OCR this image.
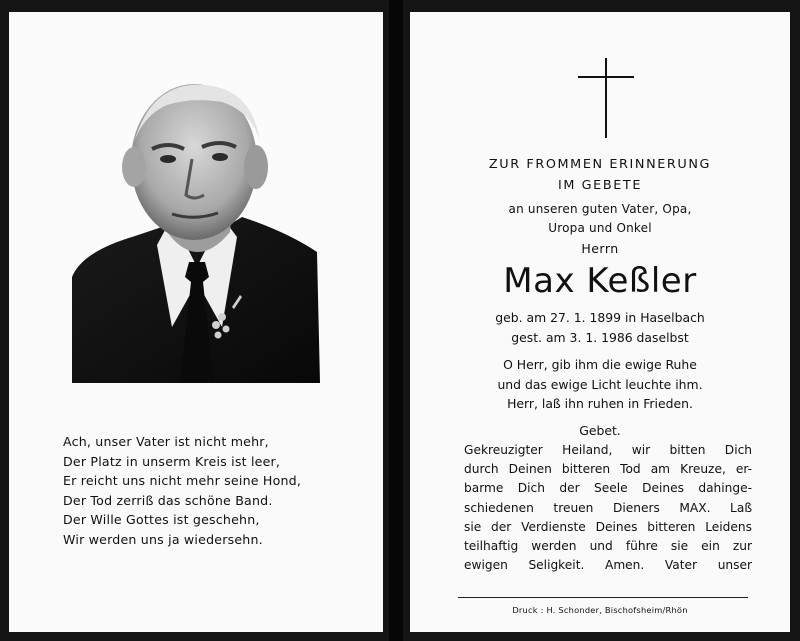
Ach, unser Vater ist nicht mehr,
Der Platz in unserm Kreis ist leer,
Er reicht uns nicht mehr seine Hond,
Der Tod zerriß das schöne Band.
Der Wille Gottes ist geschehn,
Wir werden uns ja wiedersehn.
ZUR FROMMEN ERINNERUNG
IM GEBETE
an unseren guten Vater, Opa,
Uropa und Onkel
Herrn
Max Keßler
geb. am 27. 1. 1899 in Haselbach
gest. am 3. 1. 1986 daselbst
O Herr, gib ihm die ewige Ruhe
und das ewige Licht leuchte ihm.
Herr, laß ihn ruhen in Frieden.
Gebet.
Gekreuzigter Heiland, wir bitten Dich
durch Deinen bitteren Tod am Kreuze, er-
barme Dich der Seele Deines dahinge-
schiedenen treuen Dieners MAX. Laß
sie der Verdienste Deines bitteren Leidens
teilhaftig werden und führe sie ein zur
ewigen Seligkeit. Amen. Vater unser
Druck : H. Schonder, Bischofsheim/Rhön
